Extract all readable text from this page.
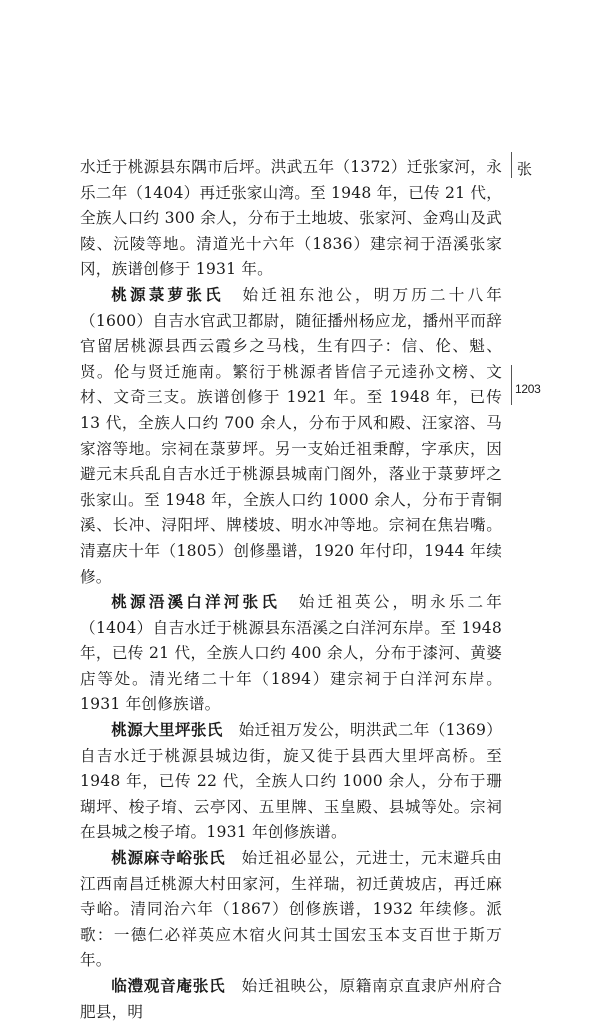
张
1203

水迁于桃源县东隅市后坪。洪武五年（1372）迁张家河，永乐二年（1404）再迁张家山湾。至 1948 年，已传 21 代，全族人口约 300 余人，分布于土地坡、张家河、金鸡山及武陵、沅陵等地。清道光十六年（1836）建宗祠于浯溪张家冈，族谱创修于 1931 年。

桃源菉萝张氏　 始迁祖东池公，明万历二十八年（1600）自吉水官武卫都尉，随征播州杨应龙，播州平而辞官留居桃源县西云霞乡之马栈，生有四子：信、伦、魁、贤。伦与贤迁施南。繁衍于桃源者皆信子元逵孙文榜、文材、文奇三支。族谱创修于 1921 年。至 1948 年，已传 13 代，全族人口约 700 余人，分布于风和殿、汪家溶、马家溶等地。宗祠在菉萝坪。另一支始迁祖秉醇，字承庆，因避元末兵乱自吉水迁于桃源县城南门阁外，落业于菉萝坪之张家山。至 1948 年，全族人口约 1000 余人，分布于青铜溪、长冲、浔阳坪、牌楼坡、明水冲等地。宗祠在焦岩嘴。清嘉庆十年（1805）创修墨谱，1920 年付印，1944 年续修。

桃源浯溪白洋河张氏　 始迁祖英公，明永乐二年（1404）自吉水迁于桃源县东浯溪之白洋河东岸。至 1948 年，已传 21 代，全族人口约 400 余人，分布于漆河、黄婆店等处。清光绪二十年（1894）建宗祠于白洋河东岸。1931 年创修族谱。

桃源大里坪张氏　 始迁祖万发公，明洪武二年（1369）自吉水迁于桃源县城边街，旋又徙于县西大里坪高桥。至 1948 年，已传 22 代，全族人口约 1000 余人，分布于珊瑚坪、梭子堉、云亭冈、五里牌、玉皇殿、县城等处。宗祠在县城之梭子堉。1931 年创修族谱。

桃源麻寺峪张氏　 始迁祖必显公，元进士，元末避兵由江西南昌迁桃源大村田家河，生祥瑞，初迁黄坡店，再迁麻寺峪。清同治六年（1867）创修族谱，1932 年续修。派歌：一德仁必祥英应木宿火问其士国宏玉本支百世于斯万年。

临澧观音庵张氏　 始迁祖映公，原籍南京直隶庐州府合肥县，明
